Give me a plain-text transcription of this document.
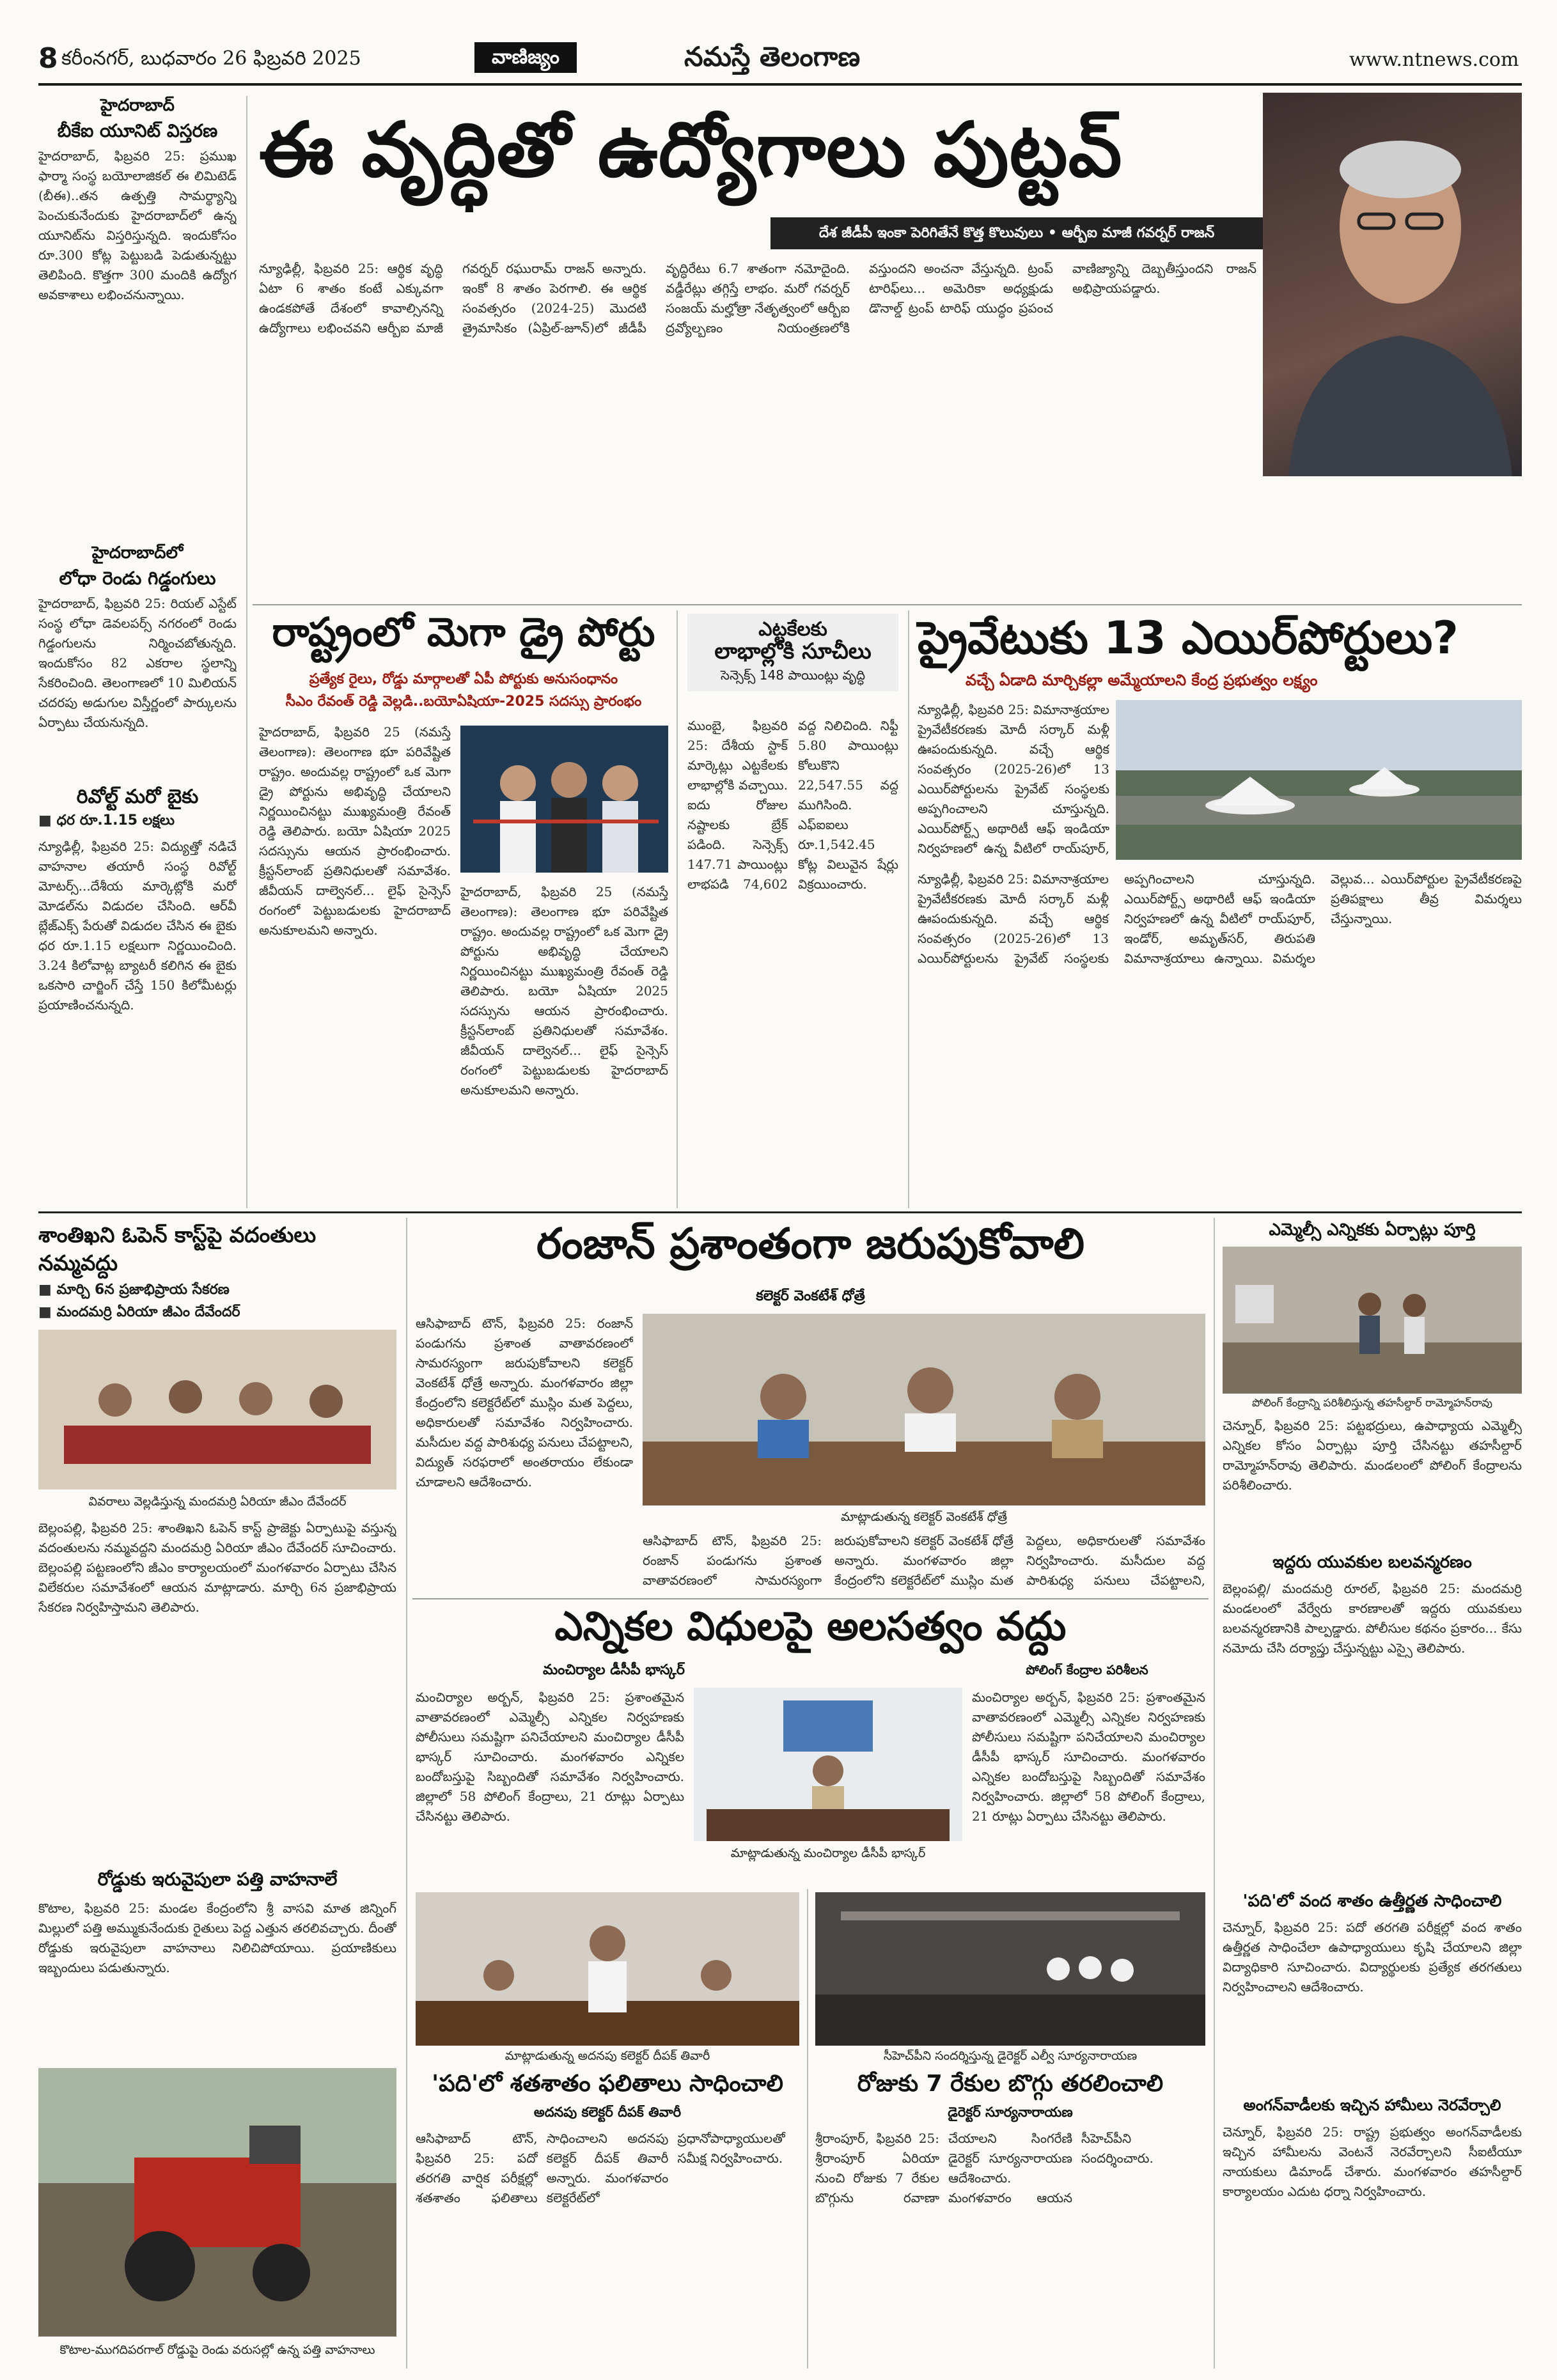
8 కరీంనగర్, బుధవారం 26 ఫిబ్రవరి 2025	వాణిజ్యం	నమస్తే తెలంగాణ	www.ntnews.com
హైదరాబాద్
బీకేఐ యూనిట్ విస్తరణ
హైదరాబాద్, ఫిబ్రవరి 25: ప్రముఖ ఫార్మా సంస్థ బయోలాజికల్ ఈ లిమిటెడ్ (బీఈ)..తన ఉత్పత్తి సామర్థ్యాన్ని పెంచుకునేందుకు హైదరాబాద్‌లో ఉన్న యూనిట్‌ను విస్తరిస్తున్నది. ఇందుకోసం రూ.300 కోట్ల పెట్టుబడి పెడుతున్నట్టు తెలిపింది. కొత్తగా 300 మందికి ఉద్యోగ అవకాశాలు లభించనున్నాయి.
హైదరాబాద్‌లో
లోధా రెండు గిడ్డంగులు
హైదరాబాద్, ఫిబ్రవరి 25: రియల్ ఎస్టేట్ సంస్థ లోధా డెవలపర్స్ నగరంలో రెండు గిడ్డంగులను నిర్మించబోతున్నది. ఇందుకోసం 82 ఎకరాల స్థలాన్ని సేకరించింది. తెలంగాణలో 10 మిలియన్ చదరపు అడుగుల విస్తీర్ణంలో పార్కులను ఏర్పాటు చేయనున్నది.
రివోల్ట్ మరో బైకు
■ ధర రూ.1.15 లక్షలు
న్యూఢిల్లీ, ఫిబ్రవరి 25: విద్యుత్తో నడిచే వాహనాల తయారీ సంస్థ రివోల్ట్ మోటర్స్...దేశీయ మార్కెట్లోకి మరో మోడల్‌ను విడుదల చేసింది. ఆర్‌వీ బ్లేజ్‌ఎక్స్ పేరుతో విడుదల చేసిన ఈ బైకు ధర రూ.1.15 లక్షలుగా నిర్ణయించింది. 3.24 కిలోవాట్ల బ్యాటరీ కలిగిన ఈ బైకు ఒకసారి చార్జింగ్ చేస్తే 150 కిలోమీటర్లు ప్రయాణించనున్నది.
ఈ వృద్ధితో ఉద్యోగాలు పుట్టవ్
దేశ జీడీపీ ఇంకా పెరిగితేనే కొత్త కొలువులు • ఆర్బీఐ మాజీ గవర్నర్ రాజన్
న్యూఢిల్లీ, ఫిబ్రవరి 25: ఆర్థిక వృద్ధి ఏటా 6 శాతం కంటే ఎక్కువగా ఉండకపోతే దేశంలో కావాల్సినన్ని ఉద్యోగాలు లభించవని ఆర్బీఐ మాజీ గవర్నర్ రఘురామ్ రాజన్ అన్నారు. ఇంకో 8 శాతం పెరగాలి. ఈ ఆర్థిక సంవత్సరం (2024-25) మొదటి త్రైమాసికం (ఏప్రిల్-జూన్)లో జీడీపీ వృద్ధిరేటు 6.7 శాతంగా నమోదైంది. వడ్డీరేట్లు తగ్గిస్తే లాభం. మరో గవర్నర్ సంజయ్ మల్హోత్రా నేతృత్వంలో ఆర్బీఐ ద్రవ్యోల్బణం నియంత్రణలోకి వస్తుందని అంచనా వేస్తున్నది. ట్రంప్ టారిఫ్‌లు... అమెరికా అధ్యక్షుడు డొనాల్డ్ ట్రంప్ టారిఫ్ యుద్ధం ప్రపంచ వాణిజ్యాన్ని దెబ్బతీస్తుందని రాజన్ అభిప్రాయపడ్డారు.
రాష్ట్రంలో మెగా డ్రై పోర్టు
ప్రత్యేక రైలు, రోడ్డు మార్గాలతో ఏపీ పోర్టుకు అనుసంధానం
సీఎం రేవంత్ రెడ్డి వెల్లడి..బయోఏషియా-2025 సదస్సు ప్రారంభం
హైదరాబాద్, ఫిబ్రవరి 25 (నమస్తే తెలంగాణ): తెలంగాణ భూ పరివేష్టిత రాష్ట్రం. అందువల్ల రాష్ట్రంలో ఒక మెగా డ్రై పోర్టును అభివృద్ధి చేయాలని నిర్ణయించినట్టు ముఖ్యమంత్రి రేవంత్ రెడ్డి తెలిపారు. బయో ఏషియా 2025 సదస్సును ఆయన ప్రారంభించారు. క్రీస్టన్‌లాంబ్ ప్రతినిధులతో సమావేశం. జీవీయన్ దాల్వెనల్... లైఫ్ సైన్సెస్ రంగంలో పెట్టుబడులకు హైదరాబాద్ అనుకూలమని అన్నారు.
హైదరాబాద్, ఫిబ్రవరి 25 (నమస్తే తెలంగాణ): తెలంగాణ భూ పరివేష్టిత రాష్ట్రం. అందువల్ల రాష్ట్రంలో ఒక మెగా డ్రై పోర్టును అభివృద్ధి చేయాలని నిర్ణయించినట్టు ముఖ్యమంత్రి రేవంత్ రెడ్డి తెలిపారు. బయో ఏషియా 2025 సదస్సును ఆయన ప్రారంభించారు. క్రీస్టన్‌లాంబ్ ప్రతినిధులతో సమావేశం. జీవీయన్ దాల్వెనల్... లైఫ్ సైన్సెస్ రంగంలో పెట్టుబడులకు హైదరాబాద్ అనుకూలమని అన్నారు.
ఎట్టకేలకు
లాభాల్లోకి సూచీలు
సెన్సెక్స్ 148 పాయింట్లు వృద్ధి
ముంబై, ఫిబ్రవరి 25: దేశీయ స్టాక్ మార్కెట్లు ఎట్టకేలకు లాభాల్లోకి వచ్చాయి. ఐదు రోజుల నష్టాలకు బ్రేక్ పడింది. సెన్సెక్స్ 147.71 పాయింట్లు లాభపడి 74,602 వద్ద నిలిచింది. నిఫ్టీ 5.80 పాయింట్లు కోలుకొని 22,547.55 వద్ద ముగిసింది. ఎఫ్‌ఐఐలు రూ.1,542.45 కోట్ల విలువైన షేర్లు విక్రయించారు.
ప్రైవేటుకు 13 ఎయిర్‌పోర్టులు?
వచ్చే ఏడాది మార్చికల్లా అమ్మేయాలని కేంద్ర ప్రభుత్వం లక్ష్యం
న్యూఢిల్లీ, ఫిబ్రవరి 25: విమానాశ్రయాల ప్రైవేటీకరణకు మోదీ సర్కార్ మళ్లీ ఊపందుకున్నది. వచ్చే ఆర్థిక సంవత్సరం (2025-26)లో 13 ఎయిర్‌పోర్టులను ప్రైవేట్ సంస్థలకు అప్పగించాలని చూస్తున్నది. ఎయిర్‌పోర్ట్స్ అథారిటీ ఆఫ్ ఇండియా నిర్వహణలో ఉన్న వీటిలో రాయ్‌పూర్,
న్యూఢిల్లీ, ఫిబ్రవరి 25: విమానాశ్రయాల ప్రైవేటీకరణకు మోదీ సర్కార్ మళ్లీ ఊపందుకున్నది. వచ్చే ఆర్థిక సంవత్సరం (2025-26)లో 13 ఎయిర్‌పోర్టులను ప్రైవేట్ సంస్థలకు అప్పగించాలని చూస్తున్నది. ఎయిర్‌పోర్ట్స్ అథారిటీ ఆఫ్ ఇండియా నిర్వహణలో ఉన్న వీటిలో రాయ్‌పూర్, ఇండోర్, అమృత్‌సర్, తిరుపతి విమానాశ్రయాలు ఉన్నాయి. విమర్శల వెల్లువ... ఎయిర్‌పోర్టుల ప్రైవేటీకరణపై ప్రతిపక్షాలు తీవ్ర విమర్శలు చేస్తున్నాయి.
శాంతిఖని ఓపెన్ కాస్ట్‌పై వదంతులు నమ్మవద్దు
■ మార్చి 6న ప్రజాభిప్రాయ సేకరణ
■ మందమర్రి ఏరియా జీఎం దేవేందర్
వివరాలు వెల్లడిస్తున్న మందమర్రి ఏరియా జీఎం దేవేందర్
బెల్లంపల్లి, ఫిబ్రవరి 25: శాంతిఖని ఓపెన్ కాస్ట్ ప్రాజెక్టు ఏర్పాటుపై వస్తున్న వదంతులను నమ్మవద్దని మందమర్రి ఏరియా జీఎం దేవేందర్ సూచించారు. బెల్లంపల్లి పట్టణంలోని జీఎం కార్యాలయంలో మంగళవారం ఏర్పాటు చేసిన విలేకరుల సమావేశంలో ఆయన మాట్లాడారు. మార్చి 6న ప్రజాభిప్రాయ సేకరణ నిర్వహిస్తామని తెలిపారు.
రోడ్డుకు ఇరువైపులా పత్తి వాహనాలే
కొటాల, ఫిబ్రవరి 25: మండల కేంద్రంలోని శ్రీ వాసవి మాత జిన్నింగ్ మిల్లులో పత్తి అమ్ముకునేందుకు రైతులు పెద్ద ఎత్తున తరలివచ్చారు. దీంతో రోడ్డుకు ఇరువైపులా వాహనాలు నిలిచిపోయాయి. ప్రయాణికులు ఇబ్బందులు పడుతున్నారు.
కొటాల-ముగదిపరగాల్ రోడ్డుపై రెండు వరుసల్లో ఉన్న పత్తి వాహనాలు
రంజాన్ ప్రశాంతంగా జరుపుకోవాలి
కలెక్టర్ వెంకటేశ్ ధోత్రే
ఆసిఫాబాద్ టౌన్, ఫిబ్రవరి 25: రంజాన్ పండుగను ప్రశాంత వాతావరణంలో సామరస్యంగా జరుపుకోవాలని కలెక్టర్ వెంకటేశ్ ధోత్రే అన్నారు. మంగళవారం జిల్లా కేంద్రంలోని కలెక్టరేట్‌లో ముస్లిం మత పెద్దలు, అధికారులతో సమావేశం నిర్వహించారు. మసీదుల వద్ద పారిశుధ్య పనులు చేపట్టాలని, విద్యుత్ సరఫరాలో అంతరాయం లేకుండా చూడాలని ఆదేశించారు.
మాట్లాడుతున్న కలెక్టర్ వెంకటేశ్ ధోత్రే
ఆసిఫాబాద్ టౌన్, ఫిబ్రవరి 25: రంజాన్ పండుగను ప్రశాంత వాతావరణంలో సామరస్యంగా జరుపుకోవాలని కలెక్టర్ వెంకటేశ్ ధోత్రే అన్నారు. మంగళవారం జిల్లా కేంద్రంలోని కలెక్టరేట్‌లో ముస్లిం మత పెద్దలు, అధికారులతో సమావేశం నిర్వహించారు. మసీదుల వద్ద పారిశుధ్య పనులు చేపట్టాలని,
ఎన్నికల విధులపై అలసత్వం వద్దు
మంచిర్యాల డీసీపీ భాస్కర్	పోలింగ్ కేంద్రాల పరిశీలన
మంచిర్యాల అర్బన్, ఫిబ్రవరి 25: ప్రశాంతమైన వాతావరణంలో ఎమ్మెల్సీ ఎన్నికల నిర్వహణకు పోలీసులు సమష్టిగా పనిచేయాలని మంచిర్యాల డీసీపీ భాస్కర్ సూచించారు. మంగళవారం ఎన్నికల బందోబస్తుపై సిబ్బందితో సమావేశం నిర్వహించారు. జిల్లాలో 58 పోలింగ్ కేంద్రాలు, 21 రూట్లు ఏర్పాటు చేసినట్టు తెలిపారు.
మాట్లాడుతున్న మంచిర్యాల డీసీపీ భాస్కర్
మంచిర్యాల అర్బన్, ఫిబ్రవరి 25: ప్రశాంతమైన వాతావరణంలో ఎమ్మెల్సీ ఎన్నికల నిర్వహణకు పోలీసులు సమష్టిగా పనిచేయాలని మంచిర్యాల డీసీపీ భాస్కర్ సూచించారు. మంగళవారం ఎన్నికల బందోబస్తుపై సిబ్బందితో సమావేశం నిర్వహించారు. జిల్లాలో 58 పోలింగ్ కేంద్రాలు, 21 రూట్లు ఏర్పాటు చేసినట్టు తెలిపారు.
మాట్లాడుతున్న అదనపు కలెక్టర్ దీపక్ తివారీ
'పది'లో శతశాతం ఫలితాలు సాధించాలి
అదనపు కలెక్టర్ దీపక్ తివారీ
ఆసిఫాబాద్ టౌన్, ఫిబ్రవరి 25: పదో తరగతి వార్షిక పరీక్షల్లో శతశాతం ఫలితాలు సాధించాలని అదనపు కలెక్టర్ దీపక్ తివారీ అన్నారు. మంగళవారం కలెక్టరేట్‌లో ప్రధానోపాధ్యాయులతో సమీక్ష నిర్వహించారు.
సీహెచ్‌పీని సందర్శిస్తున్న డైరెక్టర్ ఎల్వీ సూర్యనారాయణ
రోజుకు 7 రేకుల బొగ్గు తరలించాలి
డైరెక్టర్ సూర్యనారాయణ
శ్రీరాంపూర్, ఫిబ్రవరి 25: శ్రీరాంపూర్ ఏరియా నుంచి రోజుకు 7 రేకుల బొగ్గును రవాణా చేయాలని సింగరేణి డైరెక్టర్ సూర్యనారాయణ ఆదేశించారు. మంగళవారం ఆయన సీహెచ్‌పీని సందర్శించారు.
ఎమ్మెల్సీ ఎన్నికకు ఏర్పాట్లు పూర్తి
పోలింగ్ కేంద్రాన్ని పరిశీలిస్తున్న తహసీల్దార్ రామ్మోహన్‌రావు
చెన్నూర్, ఫిబ్రవరి 25: పట్టభద్రులు, ఉపాధ్యాయ ఎమ్మెల్సీ ఎన్నికల కోసం ఏర్పాట్లు పూర్తి చేసినట్టు తహసీల్దార్ రామ్మోహన్‌రావు తెలిపారు. మండలంలో పోలింగ్ కేంద్రాలను పరిశీలించారు.
ఇద్దరు యువకుల బలవన్మరణం
బెల్లంపల్లి/ మందమర్రి రూరల్, ఫిబ్రవరి 25: మందమర్రి మండలంలో వేర్వేరు కారణాలతో ఇద్దరు యువకులు బలవన్మరణానికి పాల్పడ్డారు. పోలీసుల కథనం ప్రకారం... కేసు నమోదు చేసి దర్యాప్తు చేస్తున్నట్టు ఎస్సై తెలిపారు.
'పది'లో వంద శాతం ఉత్తీర్ణత సాధించాలి
చెన్నూర్, ఫిబ్రవరి 25: పదో తరగతి పరీక్షల్లో వంద శాతం ఉత్తీర్ణత సాధించేలా ఉపాధ్యాయులు కృషి చేయాలని జిల్లా విద్యాధికారి సూచించారు. విద్యార్థులకు ప్రత్యేక తరగతులు నిర్వహించాలని ఆదేశించారు.
అంగన్‌వాడీలకు ఇచ్చిన హామీలు నెరవేర్చాలి
చెన్నూర్, ఫిబ్రవరి 25: రాష్ట్ర ప్రభుత్వం అంగన్‌వాడీలకు ఇచ్చిన హామీలను వెంటనే నెరవేర్చాలని సీఐటీయూ నాయకులు డిమాండ్ చేశారు. మంగళవారం తహసీల్దార్ కార్యాలయం ఎదుట ధర్నా నిర్వహించారు.
